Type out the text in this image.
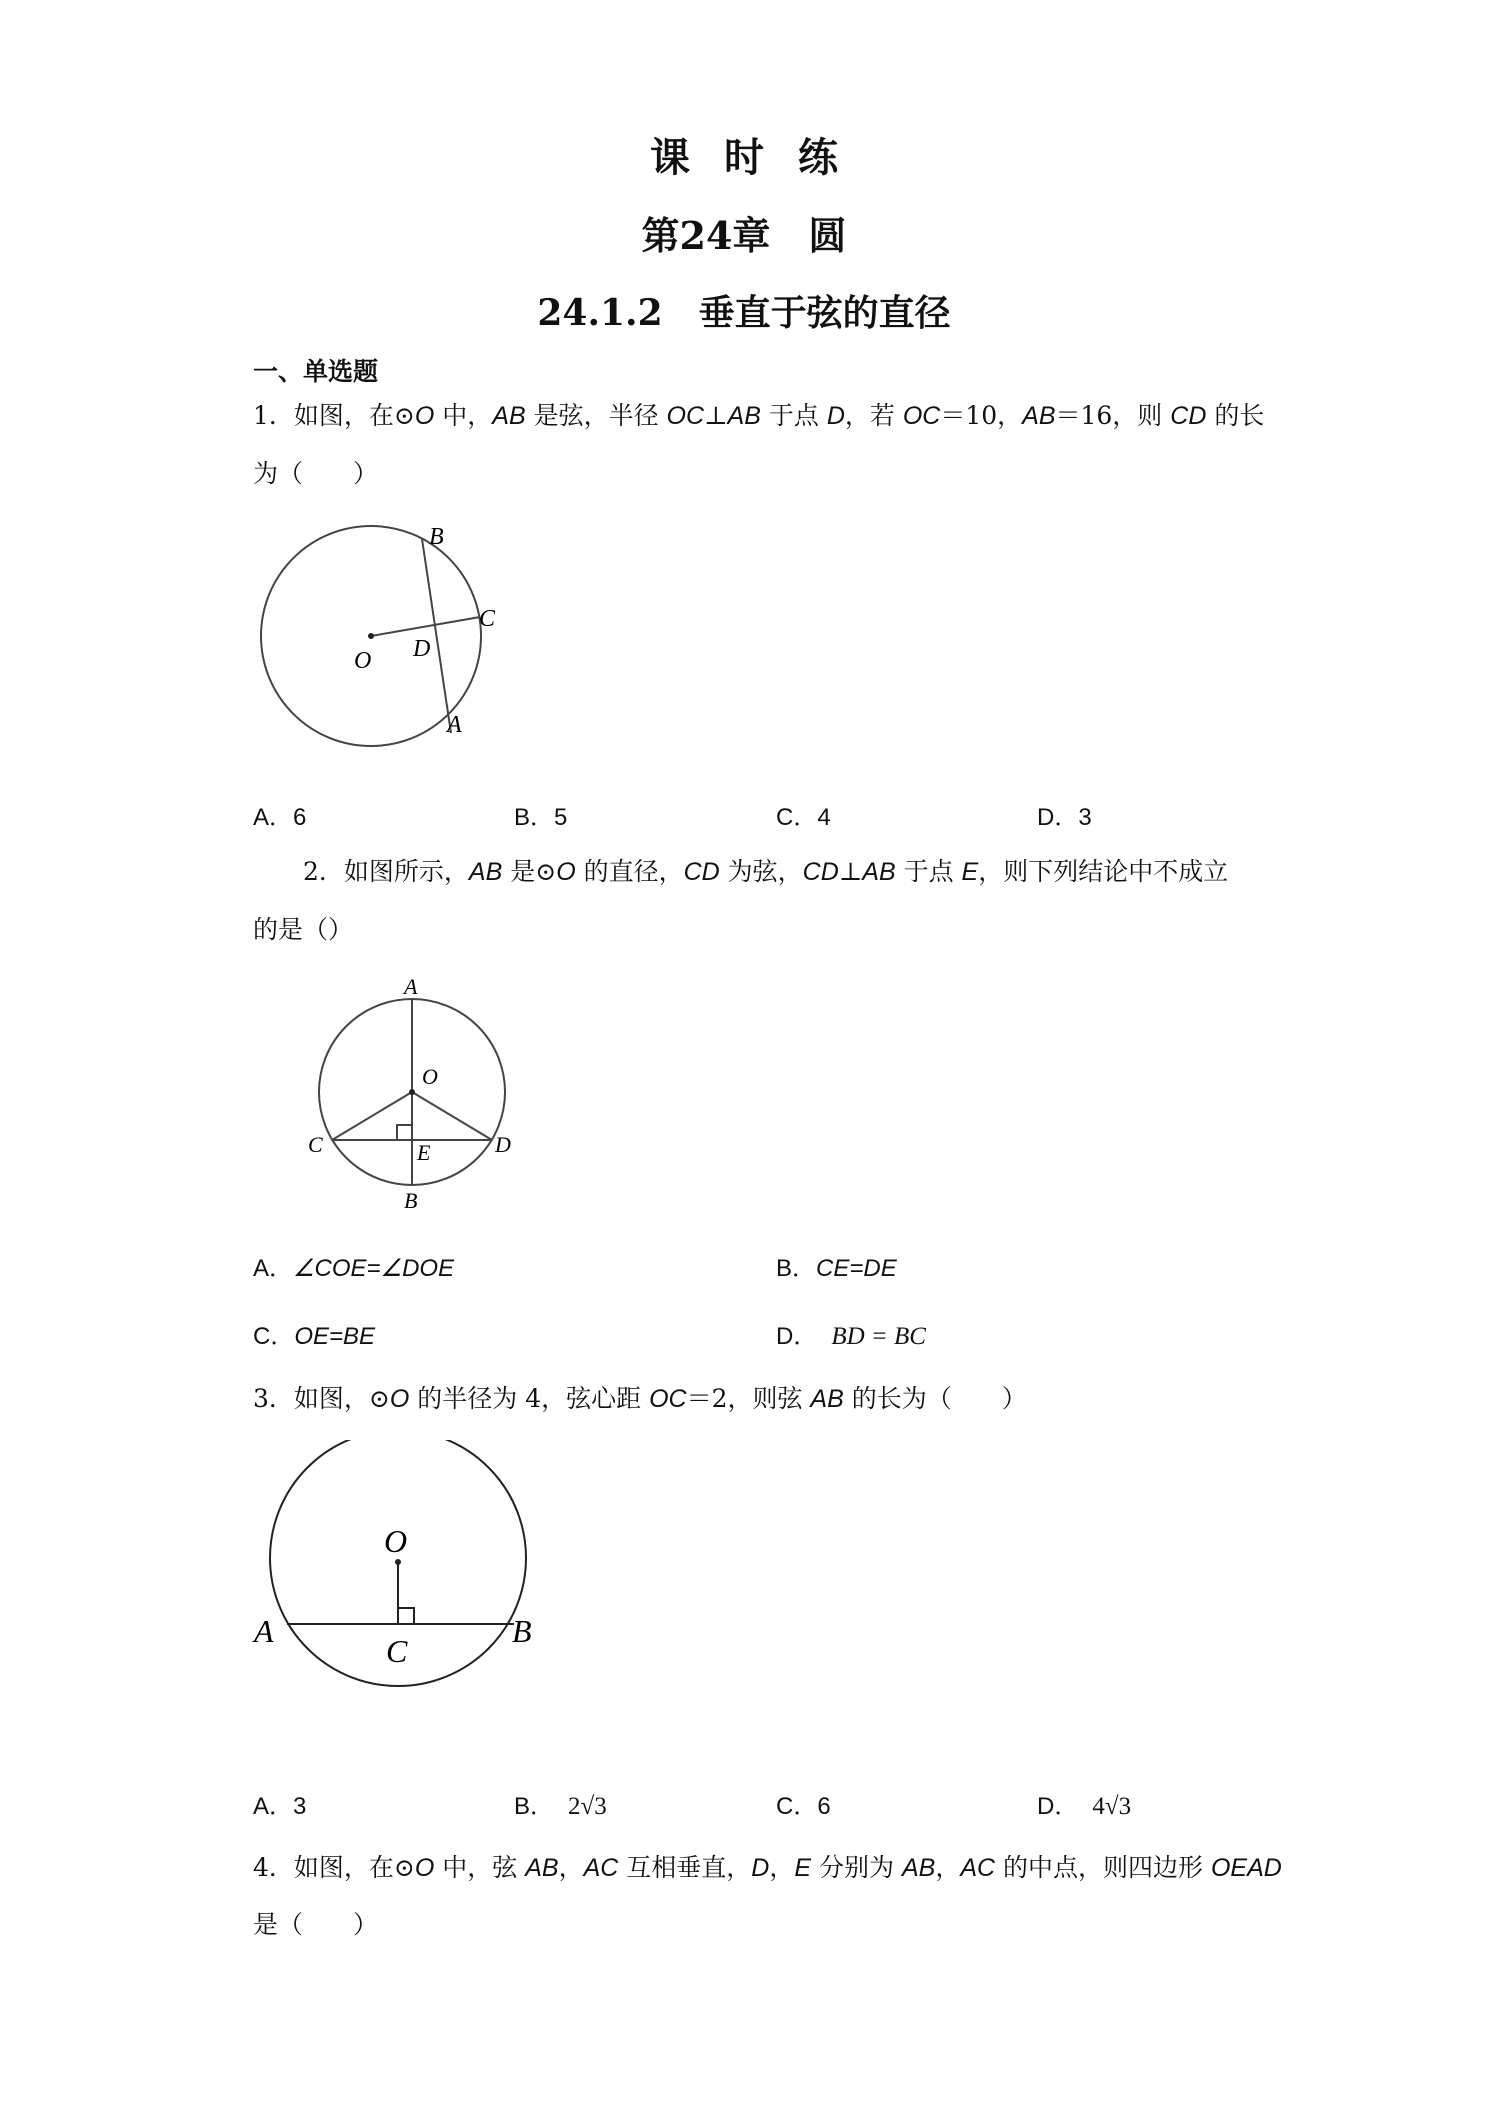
课时练
第24章　圆
24.1.2　垂直于弦的直径
一、单选题
1．如图，在⊙O 中，AB 是弦，半径 OC⊥AB 于点 D，若 OC＝10，AB＝16，则 CD 的长
为（　　）
B
C
O D
A
A．6	B．5	C．4	D．3
2．如图所示，AB 是⊙O 的直径，CD 为弦，CD⊥AB 于点 E，则下列结论中不成立
的是（）
A
O
C	E	D
B
A．∠COE=∠DOE	B．CE=DE
C．OE=BE	D． BD = BC
3．如图，⊙O 的半径为 4，弦心距 OC＝2，则弦 AB 的长为（　　）
O
A
C
B
A．3	B． 2√3	C．6	D． 4√3
4．如图，在⊙O 中，弦 AB，AC 互相垂直，D，E 分别为 AB，AC 的中点，则四边形 OEAD
是（　　）
